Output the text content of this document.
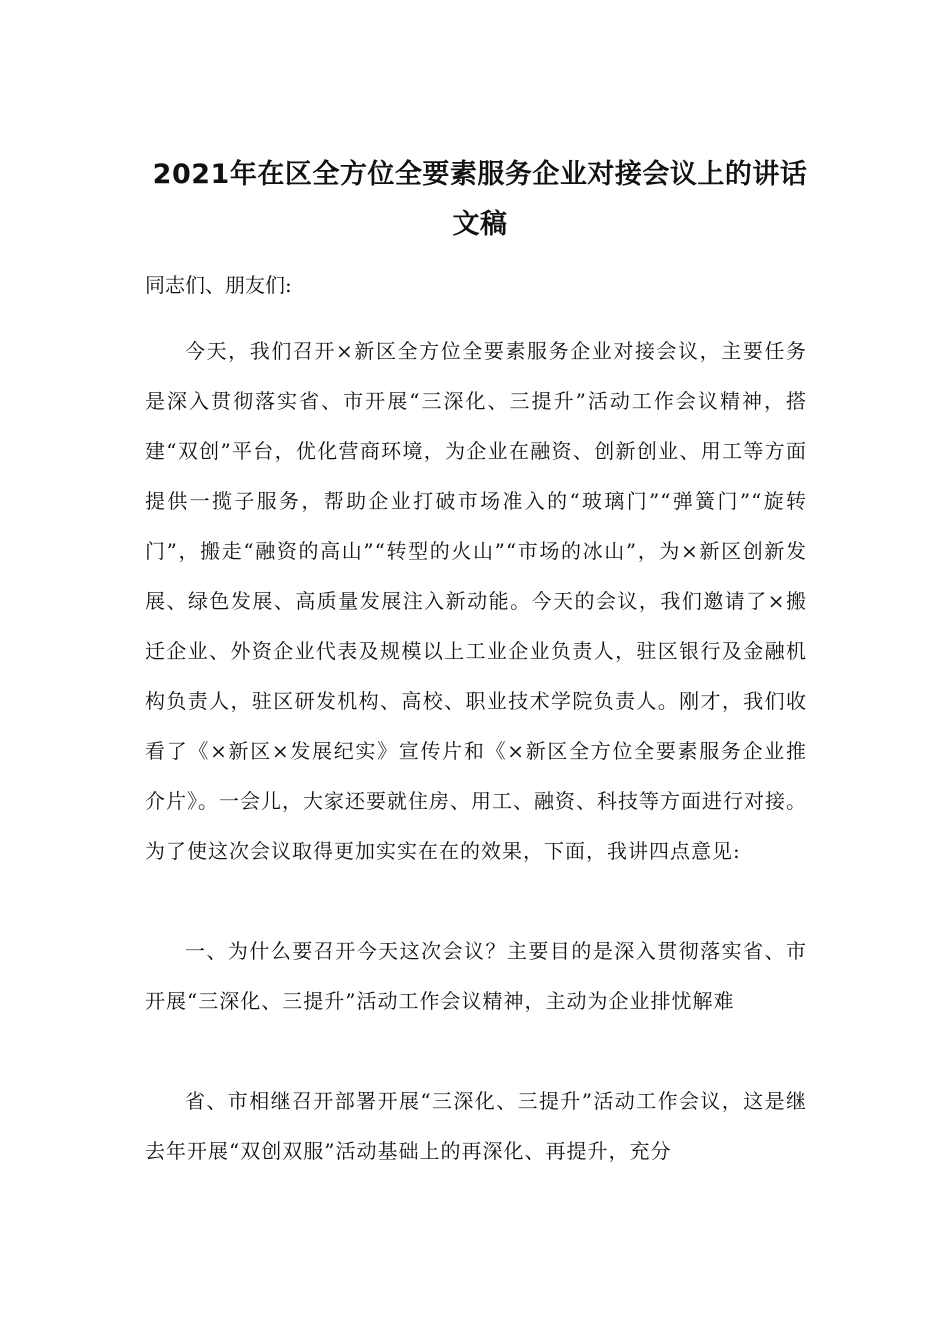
2021年在区全方位全要素服务企业对接会议上的讲话文稿

同志们、朋友们:

今天，我们召开×新区全方位全要素服务企业对接会议，主要任务是深入贯彻落实省、市开展“三深化、三提升”活动工作会议精神，搭建“双创”平台，优化营商环境，为企业在融资、创新创业、用工等方面提供一揽子服务，帮助企业打破市场准入的“玻璃门”“弹簧门”“旋转门”，搬走“融资的高山”“转型的火山”“市场的冰山”，为×新区创新发展、绿色发展、高质量发展注入新动能。今天的会议，我们邀请了×搬迁企业、外资企业代表及规模以上工业企业负责人，驻区银行及金融机构负责人，驻区研发机构、高校、职业技术学院负责人。刚才，我们收看了《×新区×发展纪实》宣传片和《×新区全方位全要素服务企业推介片》。一会儿，大家还要就住房、用工、融资、科技等方面进行对接。为了使这次会议取得更加实实在在的效果，下面，我讲四点意见:

一、为什么要召开今天这次会议？主要目的是深入贯彻落实省、市开展“三深化、三提升”活动工作会议精神，主动为企业排忧解难

省、市相继召开部署开展“三深化、三提升”活动工作会议，这是继去年开展“双创双服”活动基础上的再深化、再提升，充分
